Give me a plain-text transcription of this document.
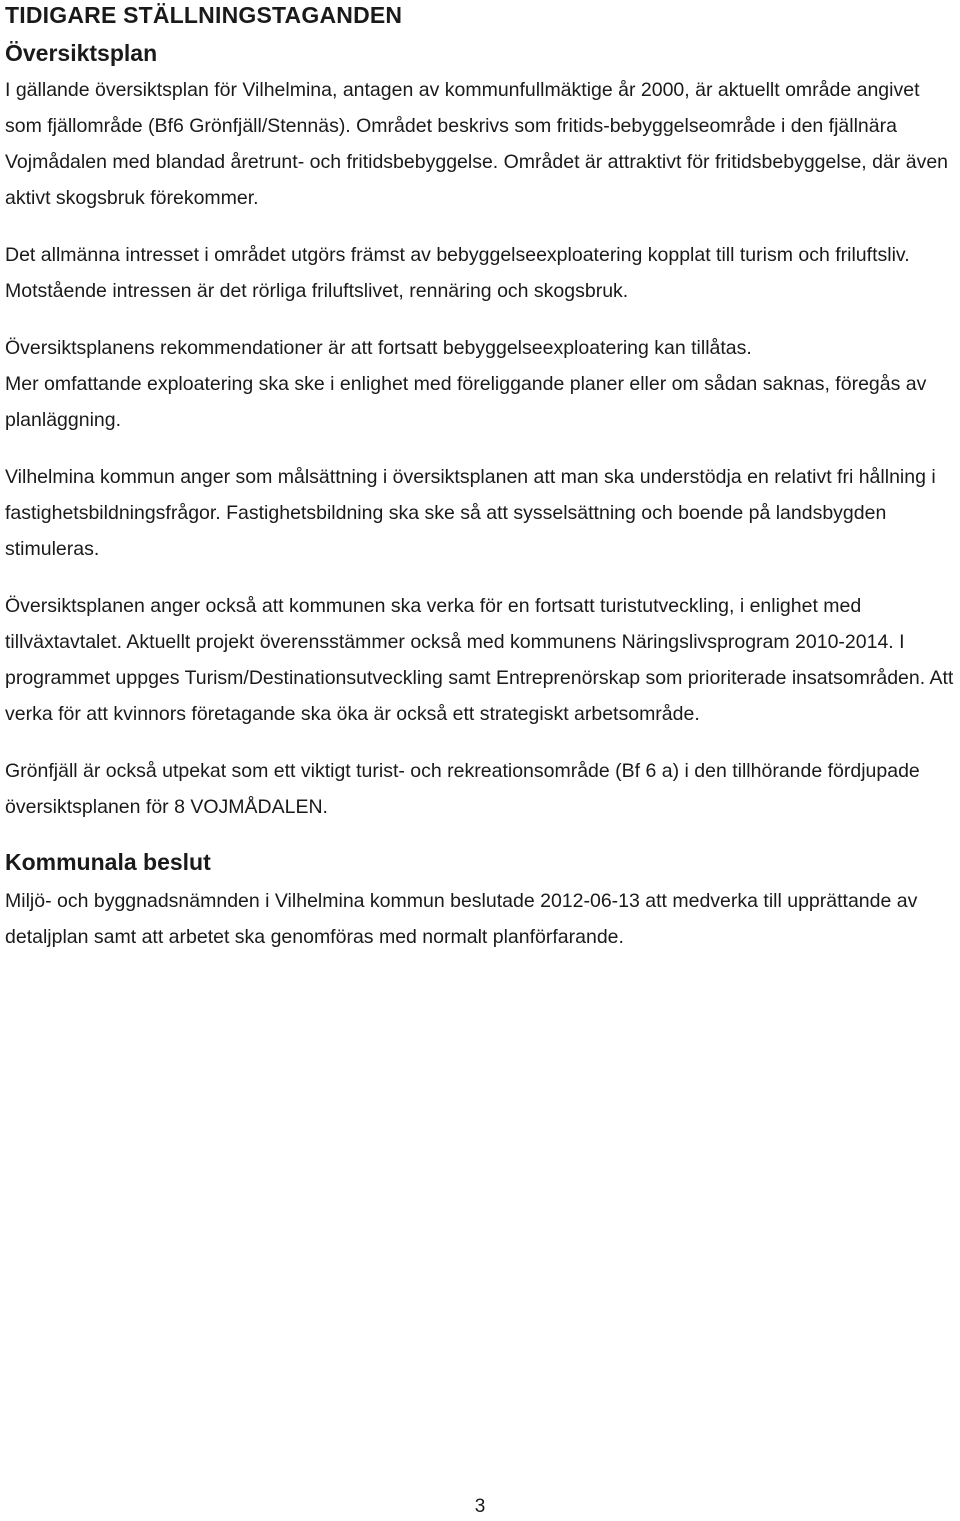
TIDIGARE STÄLLNINGSTAGANDEN
Översiktsplan

I gällande översiktsplan för Vilhelmina, antagen av kommunfullmäktige år 2000, är aktuellt område angivet som fjällområde (Bf6 Grönfjäll/Stennäs). Området beskrivs som fritids-bebyggelseområde i den fjällnära Vojmådalen med blandad åretrunt- och fritidsbebyggelse. Området är attraktivt för fritidsbebyggelse, där även aktivt skogsbruk förekommer.

Det allmänna intresset i området utgörs främst av bebyggelseexploatering kopplat till turism och friluftsliv. Motstående intressen är det rörliga friluftslivet, rennäring och skogsbruk.

Översiktsplanens rekommendationer är att fortsatt bebyggelseexploatering kan tillåtas.

Mer omfattande exploatering ska ske i enlighet med föreliggande planer eller om sådan saknas, föregås av planläggning.

Vilhelmina kommun anger som målsättning i översiktsplanen att man ska understödja en relativt fri hållning i fastighetsbildningsfrågor. Fastighetsbildning ska ske så att sysselsättning och boende på landsbygden stimuleras.

Översiktsplanen anger också att kommunen ska verka för en fortsatt turistutveckling, i enlighet med tillväxtavtalet. Aktuellt projekt överensstämmer också med kommunens Näringslivsprogram 2010-2014. I programmet uppges Turism/Destinationsutveckling samt Entreprenörskap som prioriterade insatsområden. Att verka för att kvinnors företagande ska öka är också ett strategiskt arbetsområde.

Grönfjäll är också utpekat som ett viktigt turist- och rekreationsområde (Bf 6 a) i den tillhörande fördjupade översiktsplanen för 8 VOJMÅDALEN.

Kommunala beslut

Miljö- och byggnadsnämnden i Vilhelmina kommun beslutade 2012-06-13 att medverka till upprättande av detaljplan samt att arbetet ska genomföras med normalt planförfarande.

3
